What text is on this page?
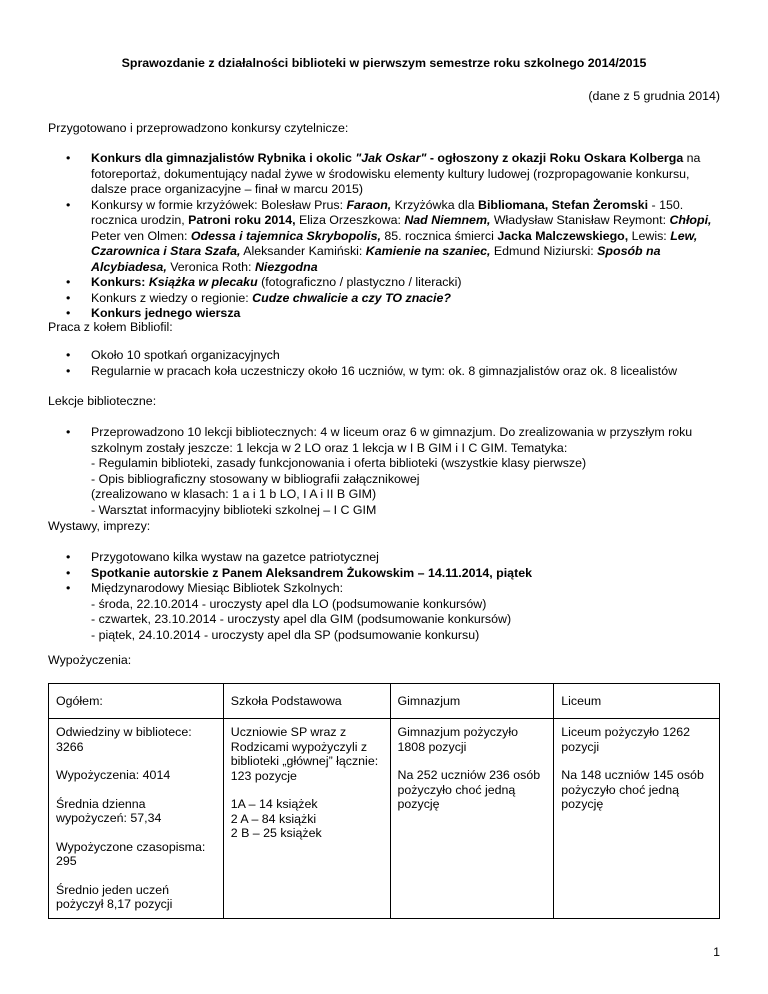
Sprawozdanie z działalności biblioteki w pierwszym semestrze roku szkolnego 2014/2015
(dane z 5 grudnia 2014)
Przygotowano i przeprowadzono konkursy czytelnicze:
• Konkurs dla gimnazjalistów Rybnika i okolic "Jak Oskar" - ogłoszony z okazji Roku Oskara Kolberga na fotoreportaż, dokumentujący nadal żywe w środowisku elementy kultury ludowej (rozpropagowanie konkursu, dalsze prace organizacyjne – finał w marcu 2015)
• Konkursy w formie krzyżówek: Bolesław Prus: Faraon, Krzyżówka dla Bibliomana, Stefan Żeromski - 150. rocznica urodzin, Patroni roku 2014, Eliza Orzeszkowa: Nad Niemnem, Władysław Stanisław Reymont: Chłopi, Peter ven Olmen: Odessa i tajemnica Skrybopolis, 85. rocznica śmierci Jacka Malczewskiego, Lewis: Lew, Czarownica i Stara Szafa, Aleksander Kamiński: Kamienie na szaniec, Edmund Niziurski: Sposób na Alcybiadesa, Veronica Roth: Niezgodna
• Konkurs: Książka w plecaku (fotograficzno / plastyczno / literacki)
• Konkurs z wiedzy o regionie: Cudze chwalicie a czy TO znacie?
• Konkurs jednego wiersza
Praca z kołem Bibliofil:
• Około 10 spotkań organizacyjnych
• Regularnie w pracach koła uczestniczy około 16 uczniów, w tym: ok. 8 gimnazjalistów oraz ok. 8 licealistów
Lekcje biblioteczne:
• Przeprowadzono 10 lekcji bibliotecznych: 4 w liceum oraz 6 w gimnazjum. Do zrealizowania w przyszłym roku szkolnym zostały jeszcze: 1 lekcja w 2 LO oraz 1 lekcja w I B GIM i I C GIM. Tematyka:
- Regulamin biblioteki, zasady funkcjonowania i oferta biblioteki (wszystkie klasy pierwsze)
- Opis bibliograficzny stosowany w bibliografii załącznikowej
(zrealizowano w klasach: 1 a i 1 b LO, I A i II B GIM)
- Warsztat informacyjny biblioteki szkolnej – I C GIM
Wystawy, imprezy:
• Przygotowano kilka wystaw na gazetce patriotycznej
• Spotkanie autorskie z Panem Aleksandrem Żukowskim – 14.11.2014, piątek
• Międzynarodowy Miesiąc Bibliotek Szkolnych:
- środa, 22.10.2014 - uroczysty apel dla LO (podsumowanie konkursów)
- czwartek, 23.10.2014 - uroczysty apel dla GIM (podsumowanie konkursów)
- piątek, 24.10.2014 - uroczysty apel dla SP (podsumowanie konkursu)
Wypożyczenia:
Ogółem:	Szkoła Podstawowa	Gimnazjum	Liceum

Odwiedziny w bibliotece: 3266
Wypożyczenia: 4014
Średnia dzienna wypożyczeń: 57,34
Wypożyczone czasopisma: 295
Średnio jeden uczeń pożyczył 8,17 pozycji	Uczniowie SP wraz z Rodzicami wypożyczyli z biblioteki „głównej” łącznie: 123 pozycje
1A – 14 książek
2 A – 84 książki
2 B – 25 książek	Gimnazjum pożyczyło 1808 pozycji
Na 252 uczniów 236 osób pożyczyło choć jedną pozycję	Liceum pożyczyło 1262 pozycji
Na 148 uczniów 145 osób pożyczyło choć jedną pozycję
1
